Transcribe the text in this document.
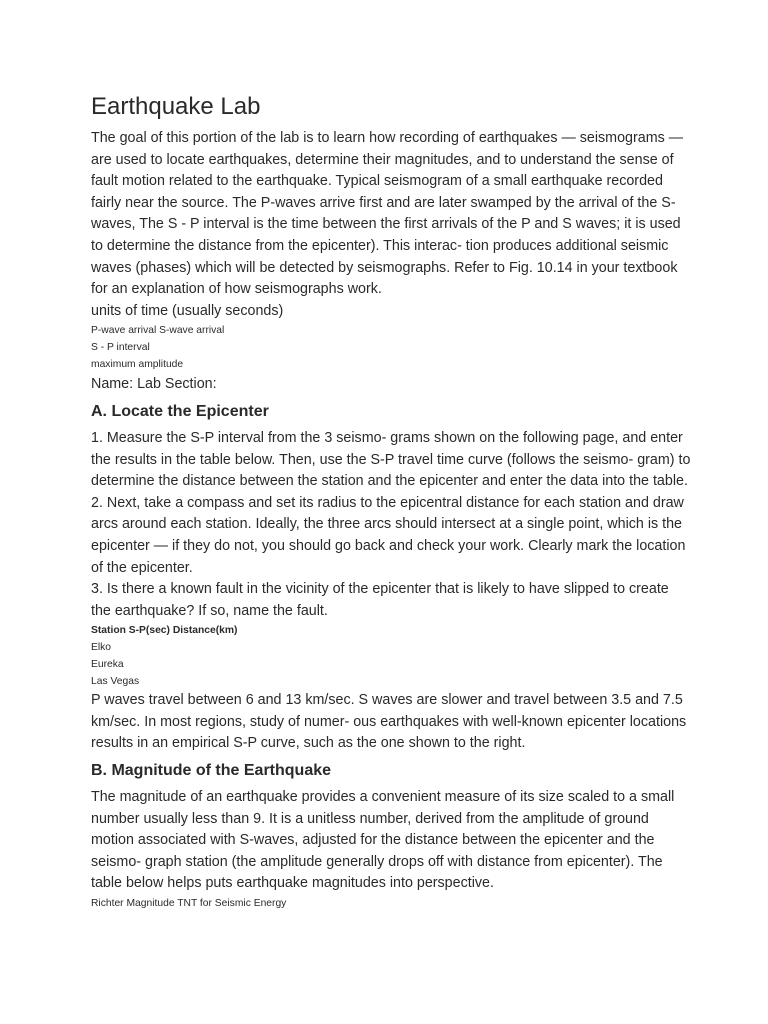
Earthquake Lab

The goal of this portion of the lab is to learn how recording of earthquakes — seismograms — are used to locate earthquakes, determine their magnitudes, and to understand the sense of fault motion related to the earthquake. Typical seismogram of a small earthquake recorded fairly near the source. The P-waves arrive first and are later swamped by the arrival of the S-waves, The S - P interval is the time between the first arrivals of the P and S waves; it is used to determine the distance from the epicenter). This interac- tion produces additional seismic waves (phases) which will be detected by seismographs. Refer to Fig. 10.14 in your textbook for an explanation of how seismographs work.

units of time (usually seconds)

P-wave arrival S-wave arrival
S - P interval
maximum amplitude

Name: Lab Section:

A. Locate the Epicenter

1. Measure the S-P interval from the 3 seismo- grams shown on the following page, and enter the results in the table below. Then, use the S-P travel time curve (follows the seismo- gram) to determine the distance between the station and the epicenter and enter the data into the table. 2. Next, take a compass and set its radius to the epicentral distance for each station and draw arcs around each station. Ideally, the three arcs should intersect at a single point, which is the epicenter — if they do not, you should go back and check your work. Clearly mark the location of the epicenter.

3. Is there a known fault in the vicinity of the epicenter that is likely to have slipped to create the earthquake? If so, name the fault.

Station S-P(sec) Distance(km)
Elko
Eureka
Las Vegas

P waves travel between 6 and 13 km/sec. S waves are slower and travel between 3.5 and 7.5 km/sec. In most regions, study of numer- ous earthquakes with well-known epicenter locations results in an empirical S-P curve, such as the one shown to the right.

B. Magnitude of the Earthquake

The magnitude of an earthquake provides a convenient measure of its size scaled to a small number usually less than 9. It is a unitless number, derived from the amplitude of ground motion associated with S-waves, adjusted for the distance between the epicenter and the seismo- graph station (the amplitude generally drops off with distance from epicenter). The table below helps puts earthquake magnitudes into perspective.

Richter Magnitude TNT for Seismic Energy
